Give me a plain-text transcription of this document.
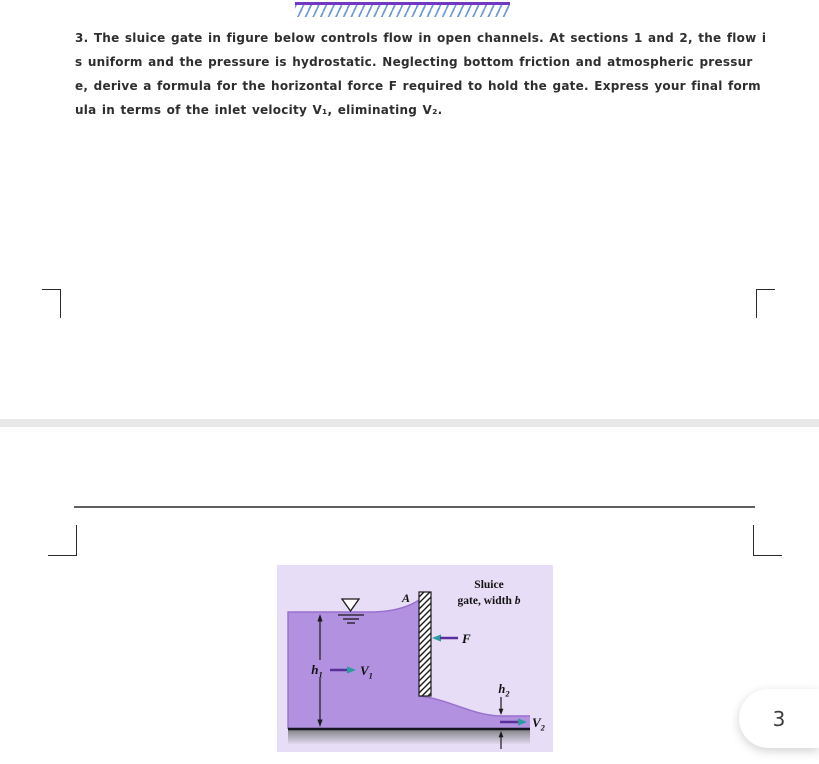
3. The sluice gate in figure below controls flow in open channels. At sections 1 and 2, the flow i
s uniform and the pressure is hydrostatic. Neglecting bottom friction and atmospheric pressur
e, derive a formula for the horizontal force F required to hold the gate. Express your final form
ula in terms of the inlet velocity V₁, eliminating V₂.
$h_1$	$V_1$
A
F
Sluice
gate, width b
$h_2$
$V_2$	3
